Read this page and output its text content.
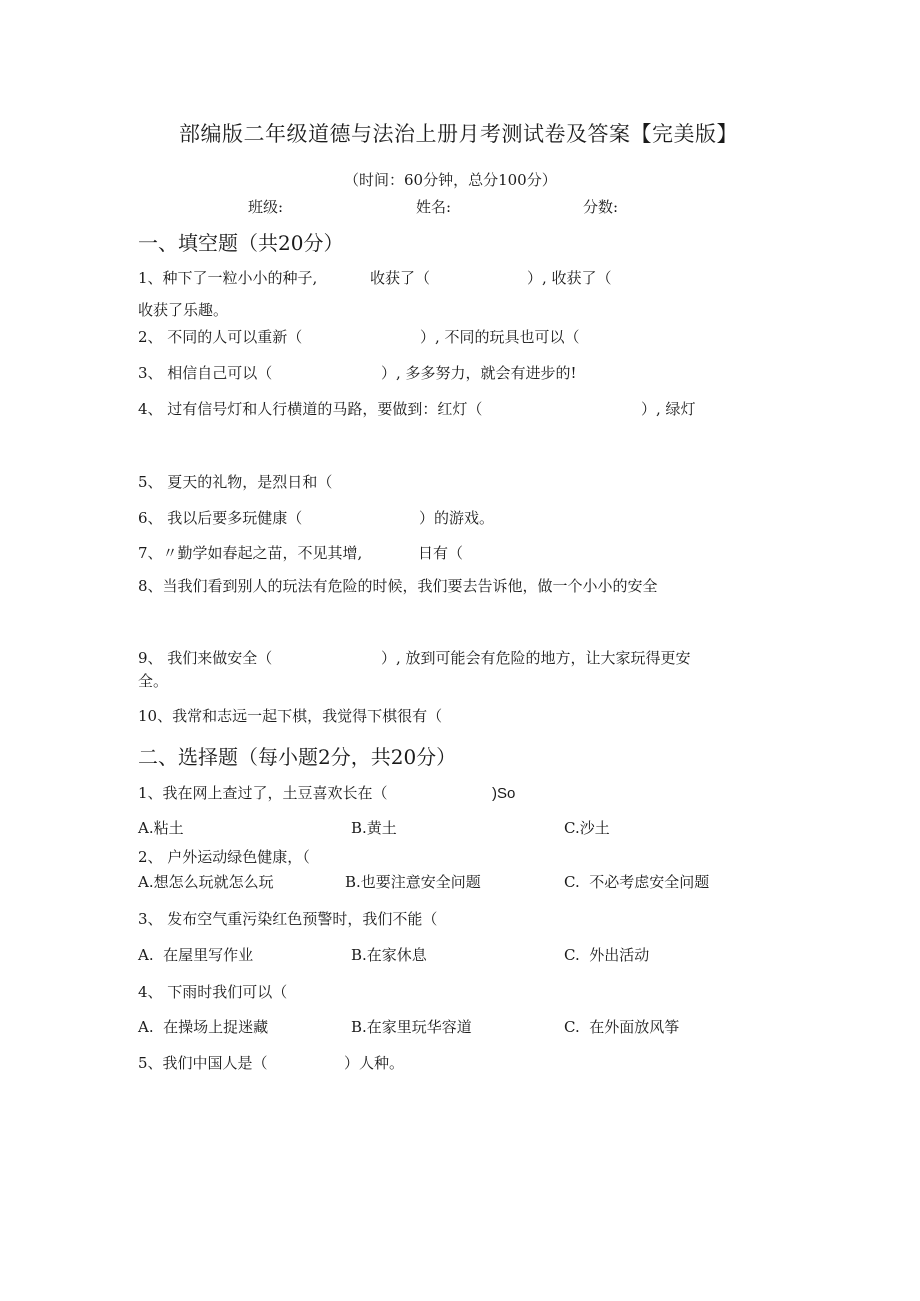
部编版二年级道德与法治上册月考测试卷及答案【完美版】
（时间：60分钟，总分100分）
班级:	姓名:	分数:
一、填空题（共20分）
1、种下了一粒小小的种子,	收获了（	）, 收获了（
收获了乐趣。
2、 不同的人可以重新（	）, 不同的玩具也可以（
3、 相信自己可以（	）, 多多努力，就会有进步的!
4、 过有信号灯和人行横道的马路，要做到：红灯（	）, 绿灯
5、 夏天的礼物，是烈日和（
6、 我以后要多玩健康（	）的游戏。
7、〃勤学如春起之苗，不见其增,	日有（
8、当我们看到别人的玩法有危险的时候，我们要去告诉他，做一个小小的安全
9、 我们来做安全（	）, 放到可能会有危险的地方，让大家玩得更安
全。
10、我常和志远一起下棋，我觉得下棋很有（
二、选择题（每小题2分，共20分）
1、我在网上查过了，土豆喜欢长在（	)So
A.粘土	B.黄土	C.沙土
2、 户外运动绿色健康，（
A.想怎么玩就怎么玩	B.也要注意安全问题	C.  不必考虑安全问题
3、 发布空气重污染红色预警时，我们不能（
A.  在屋里写作业	B.在家休息	C.  外出活动
4、 下雨时我们可以（
A.  在操场上捉迷藏	B.在家里玩华容道	C.  在外面放风筝
5、我们中国人是（	）人种。
